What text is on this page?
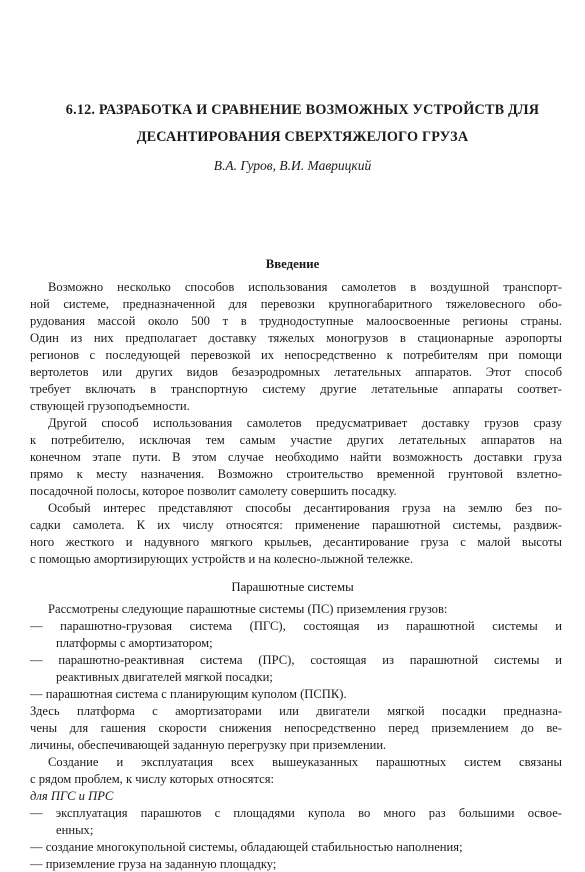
6.12. РАЗРАБОТКА И СРАВНЕНИЕ ВОЗМОЖНЫХ УСТРОЙСТВ ДЛЯ
ДЕСАНТИРОВАНИЯ СВЕРХТЯЖЕЛОГО ГРУЗА
В.А. Гуров, В.И. Маврицкий
Введение
Возможно несколько способов использования самолетов в воздушной транспорт-
ной системе, предназначенной для перевозки крупногабаритного тяжеловесного обо-
рудования массой около 500 т в труднодоступные малоосвоенные регионы страны.
Один из них предполагает доставку тяжелых моногрузов в стационарные аэропорты
регионов с последующей перевозкой их непосредственно к потребителям при помощи
вертолетов или других видов безаэродромных летательных аппаратов. Этот способ
требует включать в транспортную систему другие летательные аппараты соответ-
ствующей грузоподъемности.
Другой способ использования самолетов предусматривает доставку грузов сразу
к потребителю, исключая тем самым участие других летательных аппаратов на
конечном этапе пути. В этом случае необходимо найти возможность доставки груза
прямо к месту назначения. Возможно строительство временной грунтовой взлетно-
посадочной полосы, которое позволит самолету совершить посадку.
Особый интерес представляют способы десантирования груза на землю без по-
садки самолета. К их числу относятся: применение парашютной системы, раздвиж-
ного жесткого и надувного мягкого крыльев, десантирование груза с малой высоты
с помощью амортизирующих устройств и на колесно-лыжной тележке.
Парашютные системы
Рассмотрены следующие парашютные системы (ПС) приземления грузов:
— парашютно-грузовая система (ПГС), состоящая из парашютной системы и
платформы с амортизатором;
— парашютно-реактивная система (ПРС), состоящая из парашютной системы и
реактивных двигателей мягкой посадки;
— парашютная система с планирующим куполом (ПСПК).
Здесь платформа с амортизаторами или двигатели мягкой посадки предназна-
чены для гашения скорости снижения непосредственно перед приземлением до ве-
личины, обеспечивающей заданную перегрузку при приземлении.
Создание и эксплуатация всех вышеуказанных парашютных систем связаны
с рядом проблем, к числу которых относятся:
для ПГС и ПРС
— эксплуатация парашютов с площадями купола во много раз большими освое-
енных;
— создание многокупольной системы, обладающей стабильностью наполнения;
— приземление груза на заданную площадку;
